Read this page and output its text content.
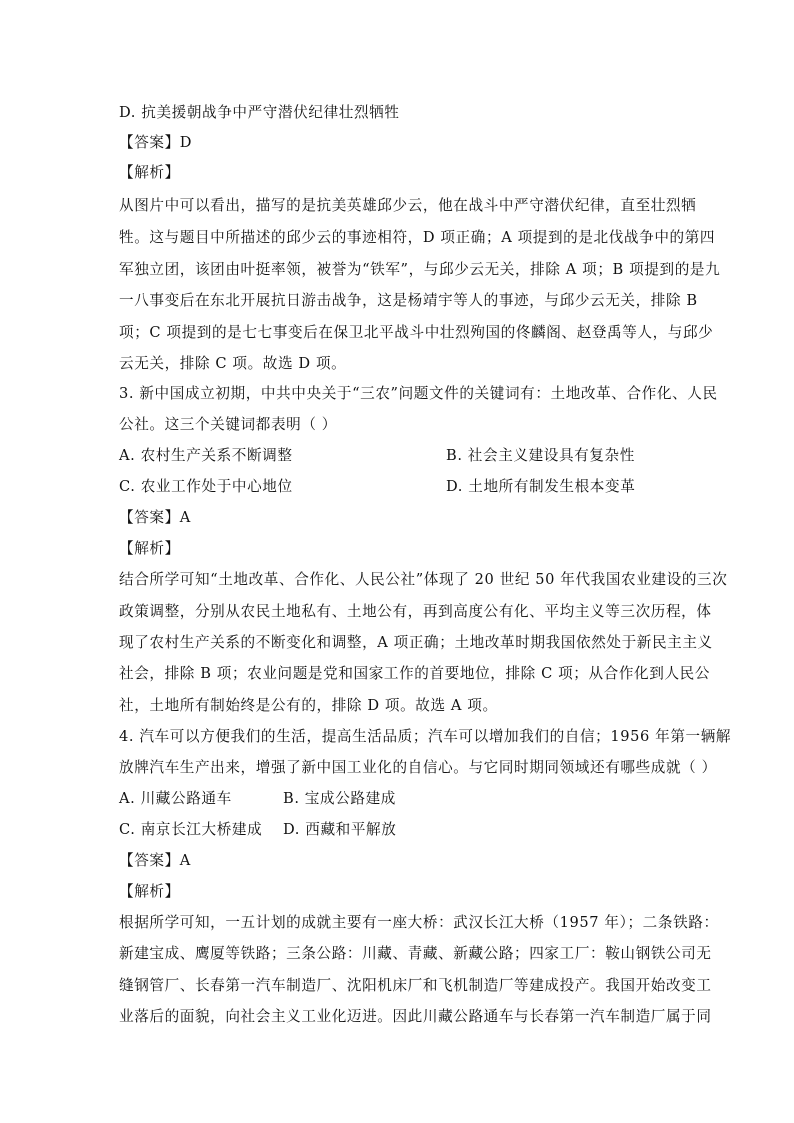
D. 抗美援朝战争中严守潜伏纪律壮烈牺牲
【答案】D
【解析】
从图片中可以看出，描写的是抗美英雄邱少云，他在战斗中严守潜伏纪律，直至壮烈牺
牲。这与题目中所描述的邱少云的事迹相符，D 项正确；A 项提到的是北伐战争中的第四
军独立团，该团由叶挺率领，被誉为“铁军”，与邱少云无关，排除 A 项；B 项提到的是九
一八事变后在东北开展抗日游击战争，这是杨靖宇等人的事迹，与邱少云无关，排除 B
项；C 项提到的是七七事变后在保卫北平战斗中壮烈殉国的佟麟阁、赵登禹等人，与邱少
云无关，排除 C 项。故选 D 项。
3. 新中国成立初期，中共中央关于“三农”问题文件的关键词有：土地改革、合作化、人民
公社。这三个关键词都表明（ ）
A. 农村生产关系不断调整	B. 社会主义建设具有复杂性
C. 农业工作处于中心地位	D. 土地所有制发生根本变革
【答案】A
【解析】
结合所学可知“土地改革、合作化、人民公社”体现了 20 世纪 50 年代我国农业建设的三次
政策调整，分别从农民土地私有、土地公有，再到高度公有化、平均主义等三次历程，体
现了农村生产关系的不断变化和调整，A 项正确；土地改革时期我国依然处于新民主主义
社会，排除 B 项；农业问题是党和国家工作的首要地位，排除 C 项；从合作化到人民公
社，土地所有制始终是公有的，排除 D 项。故选 A 项。
4. 汽车可以方便我们的生活，提高生活品质；汽车可以增加我们的自信；1956 年第一辆解
放牌汽车生产出来，增强了新中国工业化的自信心。与它同时期同领域还有哪些成就（ ）
A. 川藏公路通车	B. 宝成公路建成
C. 南京长江大桥建成 D. 西藏和平解放
【答案】A
【解析】
根据所学可知，一五计划的成就主要有一座大桥：武汉长江大桥（1957 年）；二条铁路：
新建宝成、鹰厦等铁路；三条公路：川藏、青藏、新藏公路；四家工厂：鞍山钢铁公司无
缝钢管厂、长春第一汽车制造厂、沈阳机床厂和飞机制造厂等建成投产。我国开始改变工
业落后的面貌，向社会主义工业化迈进。因此川藏公路通车与长春第一汽车制造厂属于同
